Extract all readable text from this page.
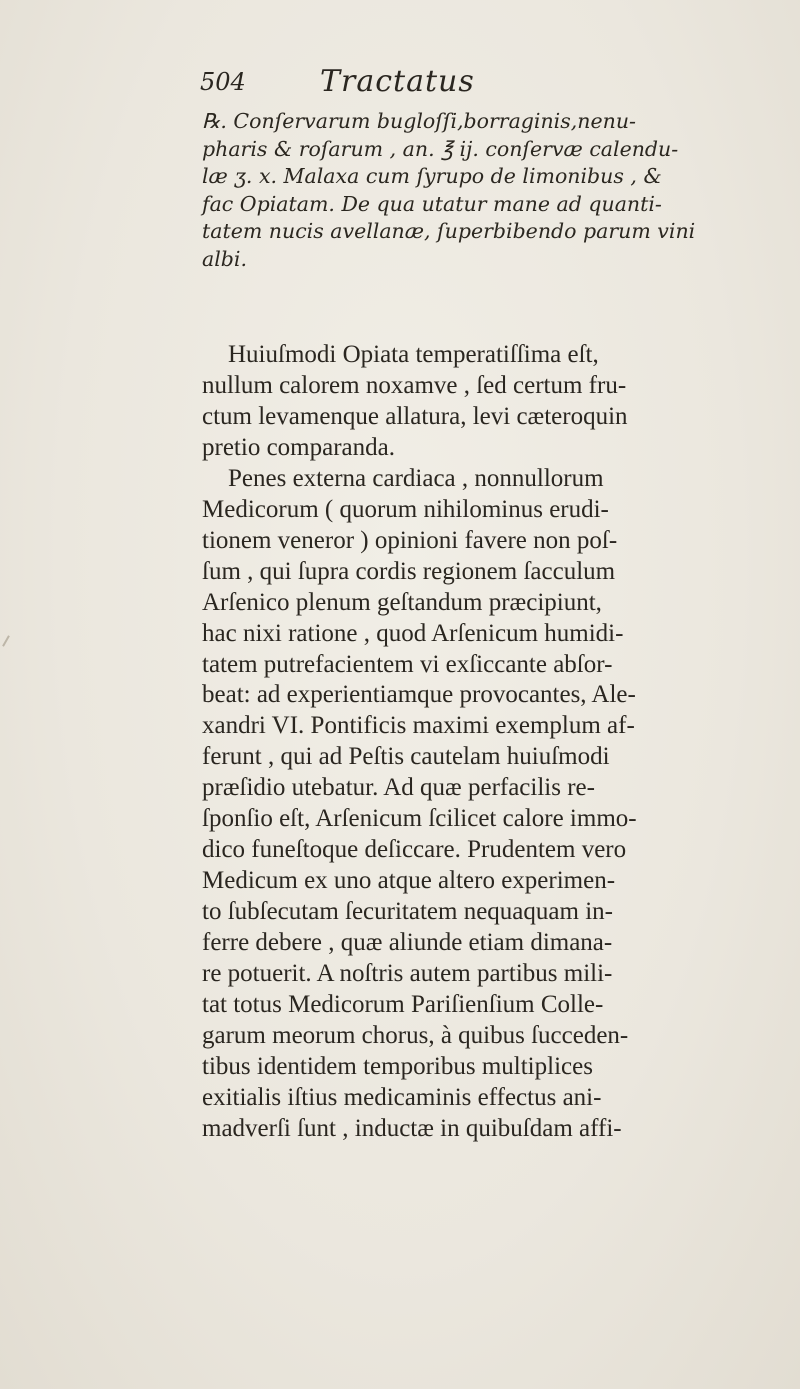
504 Tractatus

℞. Conſervarum bugloſſi,borraginis,nenu-
pharis & roſarum , an. ℥ ij. conſervæ calendu-
læ ʒ. x. Malaxa cum ſyrupo de limonibus , &
fac Opiatam. De qua utatur mane ad quanti-
tatem nucis avellanæ, ſuperbibendo parum vini
albi.

Huiuſmodi Opiata temperatiſſima eſt,
nullum calorem noxamve , ſed certum fru-
ctum levamenque allatura, levi cæteroquin
pretio comparanda.
Penes externa cardiaca , nonnullorum
Medicorum ( quorum nihilominus erudi-
tionem veneror ) opinioni favere non poſ-
ſum , qui ſupra cordis regionem ſacculum
Arſenico plenum geſtandum præcipiunt,
hac nixi ratione , quod Arſenicum humidi-
tatem putrefacientem vi exſiccante abſor-
beat: ad experientiamque provocantes, Ale-
xandri VI. Pontificis maximi exemplum af-
ferunt , qui ad Peſtis cautelam huiuſmodi
præſidio utebatur. Ad quæ perfacilis re-
ſponſio eſt, Arſenicum ſcilicet calore immo-
dico funeſtoque deſiccare. Prudentem vero
Medicum ex uno atque altero experimen-
to ſubſecutam ſecuritatem nequaquam in-
ferre debere , quæ aliunde etiam dimana-
re potuerit. A noſtris autem partibus mili-
tat totus Medicorum Pariſienſium Colle-
garum meorum chorus, à quibus ſucceden-
tibus identidem temporibus multiplices
exitialis iſtius medicaminis effectus ani-
madverſi ſunt , inductæ in quibuſdam affi-
